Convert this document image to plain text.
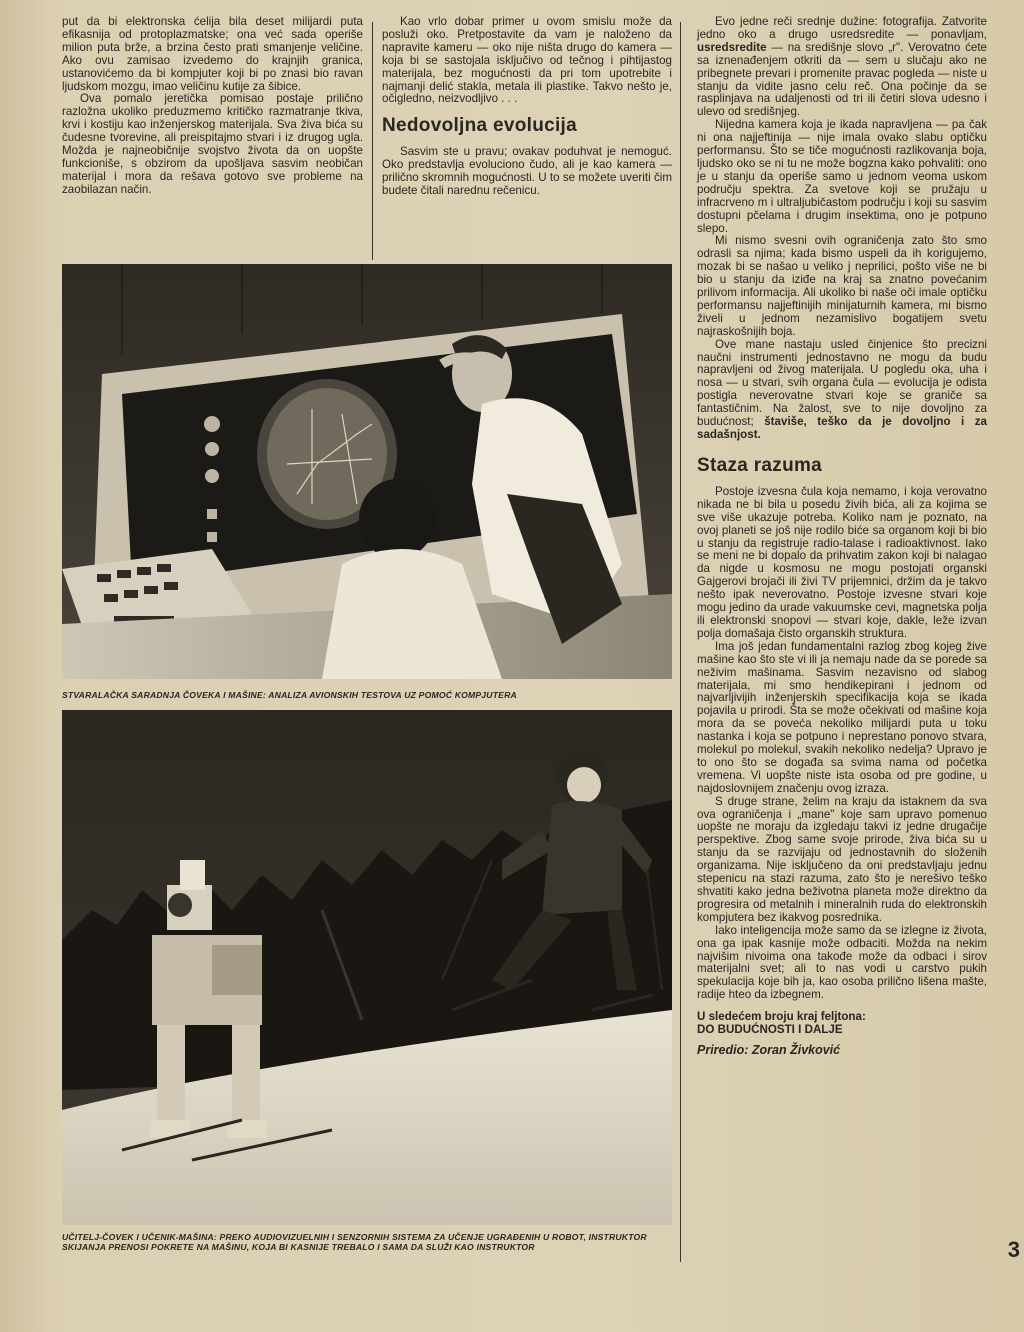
put da bi elektronska ćelija bila deset milijardi puta efikasnija od protoplazmatske; ona već sada operiše milion puta brže, a brzina često prati smanjenje veličine. Ako ovu zamisao izvedemo do krajnjih granica, ustanovićemo da bi kompjuter koji bi po znasi bio ravan ljudskom mozgu, imao veličinu kutije za šibice.

Ova pomalo jeretička pomisao postaje prilično razložna ukoliko preduzmemo kritičko razmatranje tkiva, krvi i kostiju kao inženjerskog materijala. Sva živa bića su čudesne tvorevine, ali preispitajmo stvari i iz drugog ugla. Možda je najneobičnije svojstvo života da on uopšte funkcioniše, s obzirom da upošljava sasvim neobičan materijal i mora da rešava gotovo sve probleme na zaobilazan način.

Kao vrlo dobar primer u ovom smislu može da posluži oko. Pretpostavite da vam je naloženo da napravite kameru — oko nije ništa drugo do kamera — koja bi se sastojala isključivo od tečnog i pihtijastog materijala, bez mogućnosti da pri tom upotrebite i najmanji delić stakla, metala ili plastike. Takvo nešto je, očigledno, neizvodljivo . . .

Nedovoljna evolucija

Sasvim ste u pravu; ovakav poduhvat je nemoguć. Oko predstavlja evoluciono čudo, ali je kao kamera — prilično skromnih mogućnosti. U to se možete uveriti čim budete čitali narednu rečenicu.

STVARALAČKA SARADNJA ČOVEKA I MAŠINE: ANALIZA AVIONSKIH TESTOVA UZ POMOĆ KOMPJUTERA
UČITELJ-ČOVEK I UČENIK-MAŠINA: PREKO AUDIOVIZUELNIH I SENZORNIH SISTEMA ZA UČENJE UGRAĐENIH U ROBOT, INSTRUKTOR SKIJANJA PRENOSI POKRETE NA MAŠINU, KOJA BI KASNIJE TREBALO I SAMA DA SLUŽI KAO INSTRUKTOR

Evo jedne reči srednje dužine: fotografija. Zatvorite jedno oko a drugo usredsredite — ponavljam, usredsredite — na središnje slovo „r". Verovatno ćete sa iznenađenjem otkriti da — sem u slučaju ako ne pribegnete prevari i promenite pravac pogleda — niste u stanju da vidite jasno celu reč. Ona počinje da se rasplinjava na udaljenosti od tri ili četiri slova udesno i ulevo od središnjeg.

Nijedna kamera koja je ikada napravljena — pa čak ni ona najjeftinija — nije imala ovako slabu optičku performansu. Što se tiče mogućnosti razlikovanja boja, ljudsko oko se ni tu ne može bogzna kako pohvaliti: ono je u stanju da operiše samo u jednom veoma uskom području spektra. Za svetove koji se pružaju u infracrveno m i ultraljubičastom području i koji su sasvim dostupni pčelama i drugim insektima, ono je potpuno slepo.

Mi nismo svesni ovih ograničenja zato što smo odrasli sa njima; kada bismo uspeli da ih korigujemo, mozak bi se našao u veliko j neprilici, pošto više ne bi bio u stanju da iziđe na kraj sa znatno povećanim prilivom informacija. Ali ukoliko bi naše oči imale optičku performansu najjeftinijih minijaturnih kamera, mi bismo živeli u jednom nezamislivo bogatijem svetu najraskošnijih boja.

Ove mane nastaju usled činjenice što precizni naučni instrumenti jednostavno ne mogu da budu napravljeni od živog materijala. U pogledu oka, uha i nosa — u stvari, svih organa čula — evolucija je odista postigla neverovatne stvari koje se graniče sa fantastičnim. Na žalost, sve to nije dovoljno za budućnost; štaviše, teško da je dovoljno i za sadašnjost.

Staza razuma

Postoje izvesna čula koja nemamo, i koja verovatno nikada ne bi bila u posedu živih bića, ali za kojima se sve više ukazuje potreba. Koliko nam je poznato, na ovoj planeti se još nije rodilo biće sa organom koji bi bio u stanju da registruje radio-talase i radioaktivnost. Iako se meni ne bi dopalo da prihvatim zakon koji bi nalagao da nigde u kosmosu ne mogu postojati organski Gajgerovi brojači ili živi TV prijemnici, držim da je takvo nešto ipak neverovatno. Postoje izvesne stvari koje mogu jedino da urade vakuumske cevi, magnetska polja ili elektronski snopovi — stvari koje, dakle, leže izvan polja domašaja čisto organskih struktura.

Ima još jedan fundamentalni razlog zbog kojeg žive mašine kao što ste vi ili ja nemaju nade da se porede sa neživim mašinama. Sasvim nezavisno od slabog materijala, mi smo hendikepirani i jednom od najvarljivijih inženjerskih specifikacija koja se ikada pojavila u prirodi. Šta se može očekivati od mašine koja mora da se poveća nekoliko milijardi puta u toku nastanka i koja se potpuno i neprestano ponovo stvara, molekul po molekul, svakih nekoliko nedelja? Upravo je to ono što se događa sa svima nama od početka vremena. Vi uopšte niste ista osoba od pre godine, u najdoslovnijem značenju ovog izraza.

S druge strane, želim na kraju da istaknem da sva ova ograničenja i „mane" koje sam upravo pomenuo uopšte ne moraju da izgledaju takvi iz jedne drugačije perspektive. Zbog same svoje prirode, živa bića su u stanju da se razvijaju od jednostavnih do složenih organizama. Nije isključeno da oni predstavljaju jednu stepenicu na stazi razuma, zato što je nerešivo teško shvatiti kako jedna beživotna planeta može direktno da progresira od metalnih i mineralnih ruda do elektronskih kompjutera bez ikakvog posrednika.

Iako inteligencija može samo da se izlegne iz života, ona ga ipak kasnije može odbaciti. Možda na nekim najvišim nivoima ona takođe može da odbaci i sirov materijalni svet; ali to nas vodi u carstvo pukih spekulacija koje bih ja, kao osoba prilično lišena mašte, radije hteo da izbegnem.

U sledećem broju kraj feljtona:
DO BUDUĆNOSTI I DALJE
Priredio: Zoran Živković
3
